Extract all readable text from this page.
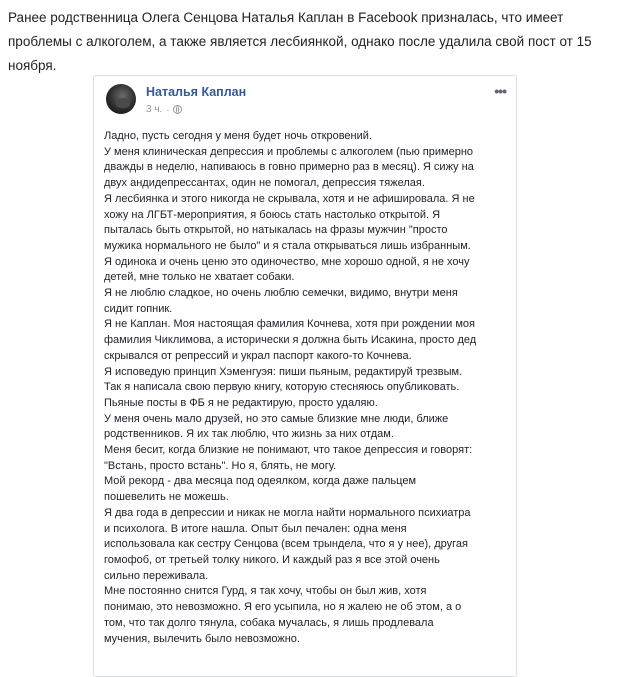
Ранее родственница Олега Сенцова Наталья Каплан в Facebook призналась, что имеет проблемы с алкоголем, а также является лесбиянкой, однако после удалила свой пост от 15 ноября.

Наталья Каплан
3 ч. ·
•••
Ладно, пусть сегодня у меня будет ночь откровений.
У меня клиническая депрессия и проблемы с алкоголем (пью примерно
дважды в неделю, напиваюсь в говно примерно раз в месяц). Я сижу на
двух андидепрессантах, один не помогал, депрессия тяжелая.
Я лесбиянка и этого никогда не скрывала, хотя и не афишировала. Я не
хожу на ЛГБТ-мероприятия, я боюсь стать настолько открытой. Я
пыталась быть открытой, но натыкалась на фразы мужчин "просто
мужика нормального не было" и я стала открываться лишь избранным.
Я одинока и очень ценю это одиночество, мне хорошо одной, я не хочу
детей, мне только не хватает собаки.
Я не люблю сладкое, но очень люблю семечки, видимо, внутри меня
сидит гопник.
Я не Каплан. Моя настоящая фамилия Кочнева, хотя при рождении моя
фамилия Чиклимова, а исторически я должна быть Исакина, просто дед
скрывался от репрессий и украл паспорт какого-то Кочнева.
Я исповедую принцип Хэменгуэя: пиши пьяным, редактируй трезвым.
Так я написала свою первую книгу, которую стесняюсь опубликовать.
Пьяные посты в ФБ я не редактирую, просто удаляю.
У меня очень мало друзей, но это самые близкие мне люди, ближе
родственников. Я их так люблю, что жизнь за них отдам.
Меня бесит, когда близкие не понимают, что такое депрессия и говорят:
"Встань, просто встань". Но я, блять, не могу.
Мой рекорд - два месяца под одеялком, когда даже пальцем
пошевелить не можешь.
Я два года в депрессии и никак не могла найти нормального психиатра
и психолога. В итоге нашла. Опыт был печален: одна меня
использовала как сестру Сенцова (всем трындела, что я у нее), другая
гомофоб, от третьей толку никого. И каждый раз я все этой очень
сильно переживала.
Мне постоянно снится Гурд, я так хочу, чтобы он был жив, хотя
понимаю, это невозможно. Я его усыпила, но я жалею не об этом, а о
том, что так долго тянула, собака мучалась, я лишь продлевала
мучения, вылечить было невозможно.
